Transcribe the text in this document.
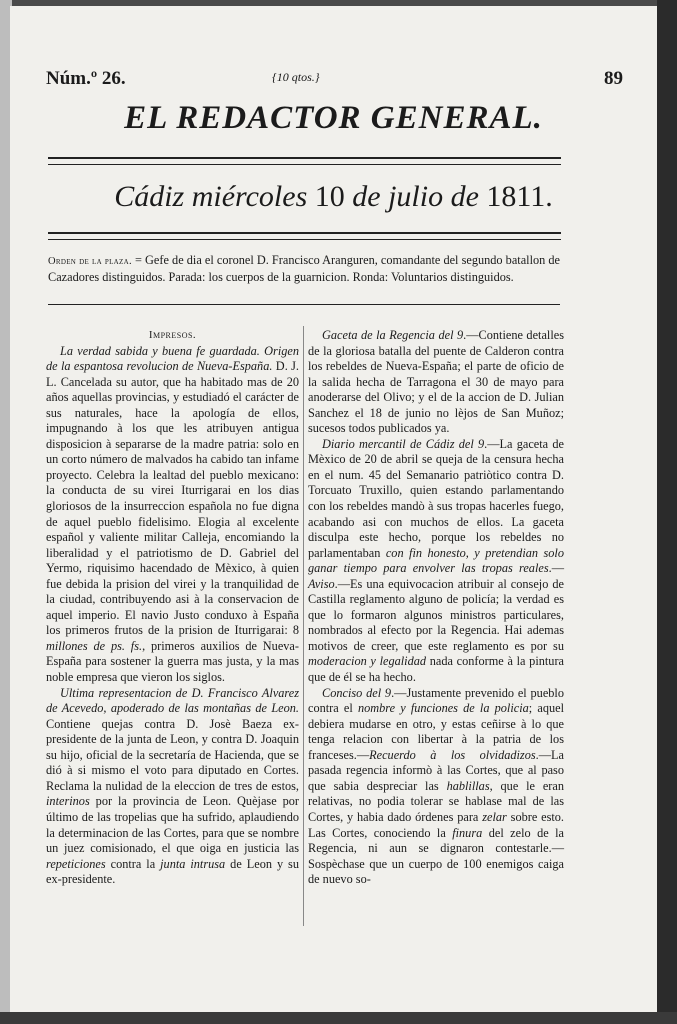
Núm.º 26.	{10 qtos.}	89
EL REDACTOR GENERAL.
Cádiz miércoles 10 de julio de 1811.
Orden de la plaza. = Gefe de dia el coronel D. Francisco Aranguren, comandante del segundo batallon de Cazadores distinguidos. Parada: los cuerpos de la guarnicion. Ronda: Voluntarios distinguidos.
Impresos.

La verdad sabida y buena fe guardada. Origen de la espantosa revolucion de Nueva-España. D. J. L. Cancelada su autor, que ha habitado mas de 20 años aquellas provincias, y estudiadó el carácter de sus naturales, hace la apología de ellos, impugnando à los que les atribuyen antigua disposicion à separarse de la madre patria: solo en un corto número de malvados ha cabido tan infame proyecto. Celebra la lealtad del pueblo mexicano: la conducta de su virei Iturrigarai en los dias gloriosos de la insurreccion española no fue digna de aquel pueblo fidelisimo. Elogia al excelente español y valiente militar Calleja, encomiando la liberalidad y el patriotismo de D. Gabriel del Yermo, riquisimo hacendado de Mèxico, à quien fue debida la prision del virei y la tranquilidad de la ciudad, contribuyendo asi à la conservacion de aquel imperio. El navio Justo conduxo à España los primeros frutos de la prision de Iturrigarai: 8 millones de ps. fs., primeros auxilios de Nueva-España para sostener la guerra mas justa, y la mas noble empresa que vieron los siglos.

Ultima representacion de D. Francisco Alvarez de Acevedo, apoderado de las montañas de Leon. Contiene quejas contra D. Josè Baeza ex-presidente de la junta de Leon, y contra D. Joaquin su hijo, oficial de la secretaría de Hacienda, que se dió à si mismo el voto para diputado en Cortes. Reclama la nulidad de la eleccion de tres de estos, interinos por la provincia de Leon. Quèjase por último de las tropelias que ha sufrido, aplaudiendo la determinacion de las Cortes, para que se nombre un juez comisionado, el que oiga en justicia las repeticiones contra la junta intrusa de Leon y su ex-presidente.

Gaceta de la Regencia del 9.—Contiene detalles de la gloriosa batalla del puente de Calderon contra los rebeldes de Nueva-España; el parte de oficio de la salida hecha de Tarragona el 30 de mayo para anoderarse del Olivo; y el de la accion de D. Julian Sanchez el 18 de junio no lèjos de San Muñoz; sucesos todos publicados ya.

Diario mercantil de Cádiz del 9.—La gaceta de Mèxico de 20 de abril se queja de la censura hecha en el num. 45 del Semanario patriòtico contra D. Torcuato Truxillo, quien estando parlamentando con los rebeldes mandò à sus tropas hacerles fuego, acabando asi con muchos de ellos. La gaceta disculpa este hecho, porque los rebeldes no parlamentaban con fin honesto, y pretendian solo ganar tiempo para envolver las tropas reales.—Aviso.—Es una equivocacion atribuir al consejo de Castilla reglamento alguno de policía; la verdad es que lo formaron algunos ministros particulares, nombrados al efecto por la Regencia. Hai ademas motivos de creer, que este reglamento es por su moderacion y legalidad nada conforme à la pintura que de él se ha hecho.

Conciso del 9.—Justamente prevenido el pueblo contra el nombre y funciones de la policia; aquel debiera mudarse en otro, y estas ceñirse à lo que tenga relacion con libertar à la patria de los franceses.—Recuerdo à los olvidadizos.—La pasada regencia informò à las Cortes, que al paso que sabia despreciar las hablillas, que le eran relativas, no podia tolerar se hablase mal de las Cortes, y habia dado órdenes para zelar sobre esto. Las Cortes, conociendo la finura del zelo de la Regencia, ni aun se dignaron contestarle.— Sospèchase que un cuerpo de 100 enemigos caiga de nuevo so-
